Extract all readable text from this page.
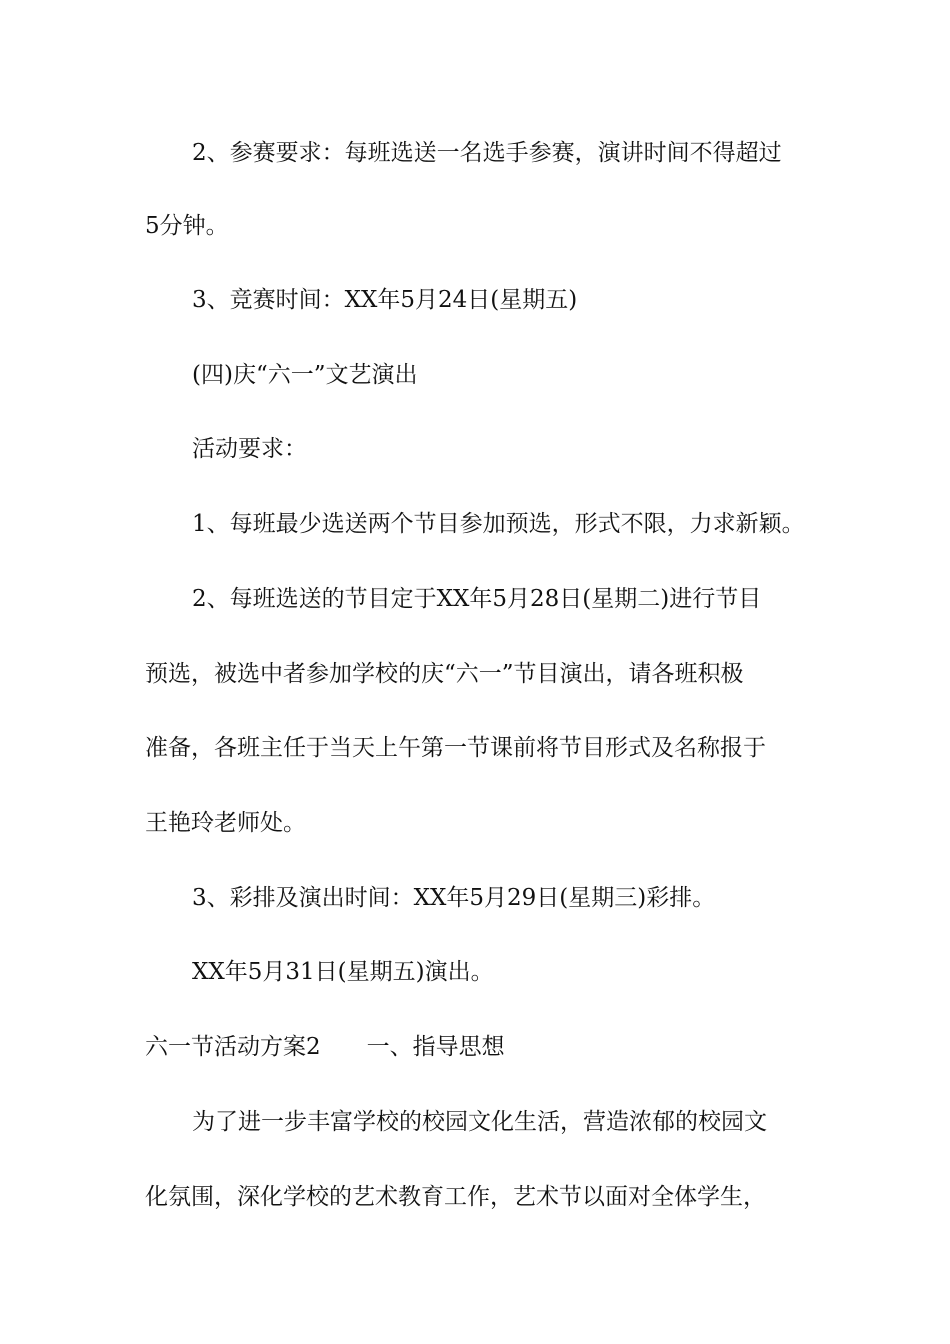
2、参赛要求：每班选送一名选手参赛，演讲时间不得超过
5分钟。
3、竞赛时间：XX年5月24日(星期五)
(四)庆“六一”文艺演出
活动要求：
1、每班最少选送两个节目参加预选，形式不限，力求新颖。
2、每班选送的节目定于XX年5月28日(星期二)进行节目
预选，被选中者参加学校的庆“六一”节目演出，请各班积极
准备，各班主任于当天上午第一节课前将节目形式及名称报于
王艳玲老师处。
3、彩排及演出时间：XX年5月29日(星期三)彩排。
XX年5月31日(星期五)演出。
六一节活动方案2 一、指导思想
为了进一步丰富学校的校园文化生活，营造浓郁的校园文
化氛围，深化学校的艺术教育工作，艺术节以面对全体学生，
